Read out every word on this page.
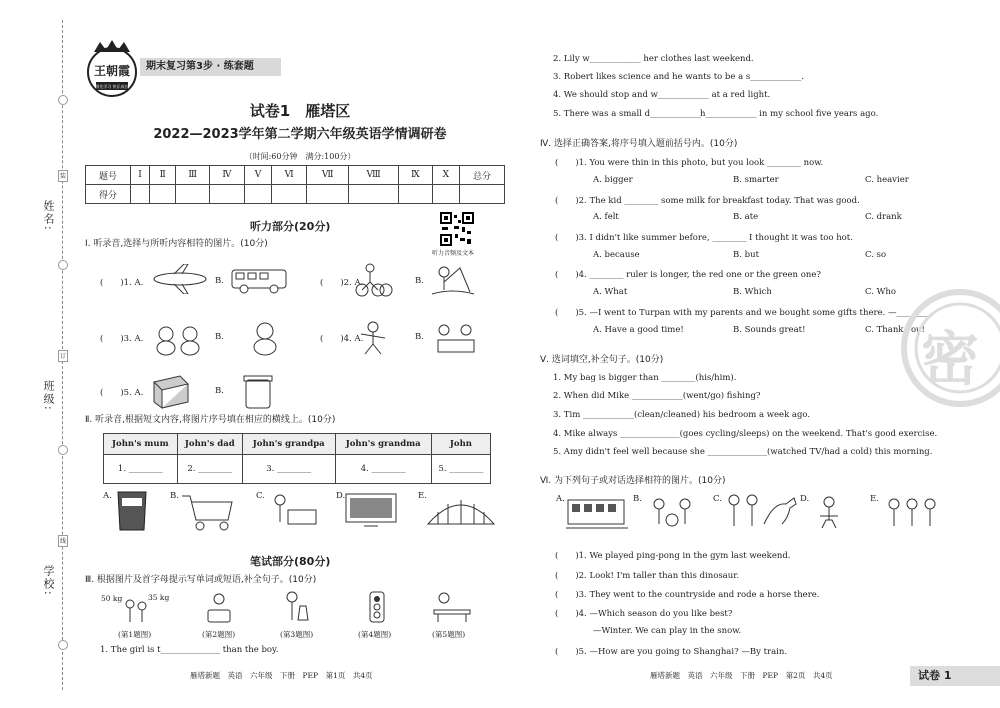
姓名:
班级:
学校:
装
订
线
王朝霞
领先学习 快乐成长
期末复习第3步 · 练套题
试卷1　雁塔区
2022—2023学年第二学期六年级英语学情调研卷
（时间:60分钟　满分:100分）
题号	Ⅰ	Ⅱ	Ⅲ	Ⅳ	Ⅴ	Ⅵ	Ⅶ	Ⅷ	Ⅸ	Ⅹ	总分
得分											
听力部分(20分)
听力音频及文本
Ⅰ. 听录音,选择与所听内容相符的图片。(10分)
(　　)1. A.	B.	(　　)2. A.	B.
(　　)3. A.	B.	(　　)4. A.	B.
(　　)5. A.	B.
Ⅱ. 听录音,根据短文内容,将图片序号填在相应的横线上。(10分)
John's mum	John's dad	John's grandpa	John's grandma	John
1. ________	2. ________	3. ________	4. ________	5. ________
A.	B.	C.	D.	E.
笔试部分(80分)
Ⅲ. 根据图片及首字母提示写单词或短语,补全句子。(10分)
50 kg	35 kg
(第1题图)	(第2题图)	(第3题图)	(第4题图)	(第5题图)
1. The girl is t______________ than the boy.
雁塔新题　英语　六年级　下册　PEP　第1页　共4页
2. Lily w____________ her clothes last weekend.
3. Robert likes science and he wants to be a s____________.
4. We should stop and w____________ at a red light.
5. There was a small d____________
h____________ in my school five years ago.
Ⅳ. 选择正确答案,将序号填入题前括号内。(10分)
(　　)1. You were thin in this photo, but you look ________ now.
A. bigger	B. smarter	C. heavier
(　　)2. The kid ________ some milk for breakfast today. That was good.
A. felt	B. ate	C. drank
(　　)3. I didn't like summer before, ________ I thought it was too hot.
A. because	B. but	C. so
(　　)4. ________ ruler is longer, the red one or the green one?
A. What	B. Which	C. Who
(　　)5. —I went to Turpan with my parents and we bought some gifts there. —________
A. Have a good time!	B. Sounds great!	C. Thank you!
Ⅴ. 选词填空,补全句子。(10分)
1. My bag is bigger than ________(his/him).
2. When did Mike ____________(went/go) fishing?
3. Tim ____________(clean/cleaned) his bedroom a week ago.
4. Mike always ______________(goes cycling/sleeps) on the weekend. That's good exercise.
5. Amy didn't feel well because she ______________(watched TV/had a cold) this morning.
Ⅵ. 为下列句子或对话选择相符的图片。(10分)
A.	B.	C.	D.	E.
(　　)1. We played ping-pong in the gym last weekend.
(　　)2. Look! I'm taller than this dinosaur.
(　　)3. They went to the countryside and rode a horse there.
(　　)4. —Which season do you like best?
—Winter. We can play in the snow.
(　　)5. —How are you going to Shanghai? —By train.
雁塔新题　英语　六年级　下册　PEP　第2页　共4页	试卷 1
密
